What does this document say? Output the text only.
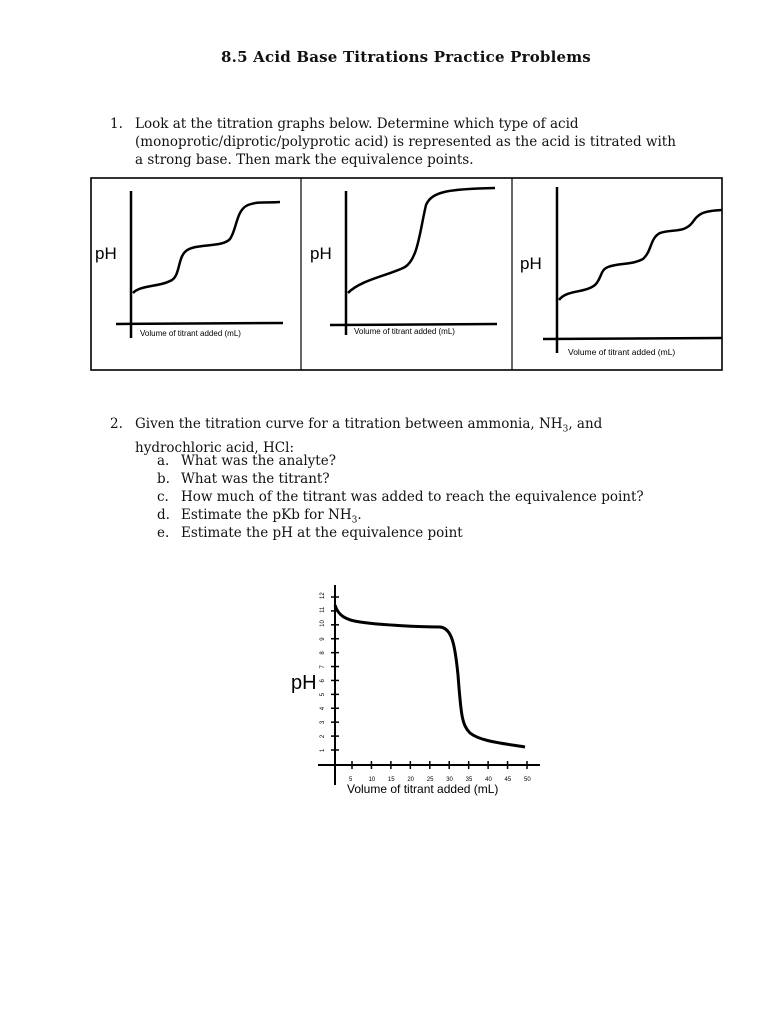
8.5 Acid Base Titrations Practice Problems
1. Look at the titration graphs below. Determine which type of acid
(monoprotic/diprotic/polyprotic acid) is represented as the acid is titrated with
a strong base. Then mark the equivalence points.
pH
Volume of titrant added (mL)
pH
Volume of titrant added (mL)
pH
Volume of titrant added (mL)
2. Given the titration curve for a titration between ammonia, $NH_3$, and
hydrochloric acid, HCl:
a. What was the analyte?
b. What was the titrant?
c. How much of the titrant was added to reach the equivalence point?
d. Estimate the pKb for $NH_3$.
e. Estimate the pH at the equivalence point
1
2
3
4
5
6
7
8
9
10
11
12
5	10 15 20 25 30 35 40 45 50
pH
Volume of titrant added (mL)
